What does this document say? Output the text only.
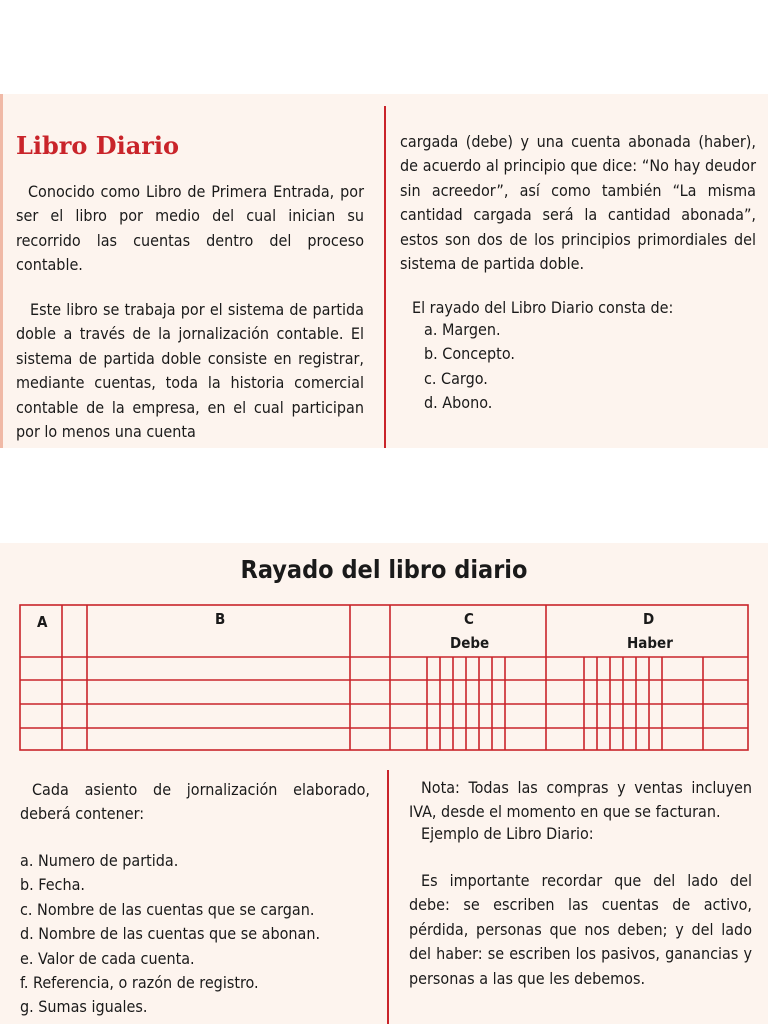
Libro Diario

Conocido como Libro de Primera Entrada, por ser el libro por medio del cual inician su recorrido las cuentas dentro del proceso contable.

Este libro se trabaja por el sistema de partida doble a través de la jornalización contable. El sistema de partida doble consiste en registrar, mediante cuentas, toda la historia comercial contable de la empresa, en el cual participan por lo menos una cuenta

cargada (debe) y una cuenta abonada (haber), de acuerdo al principio que dice: “No hay deudor sin acreedor”, así como también “La misma cantidad cargada será la cantidad abonada”, estos son dos de los principios primordiales del sistema de partida doble.

El rayado del Libro Diario consta de:

a. Margen.
b. Concepto.
c. Cargo.
d. Abono.
Rayado del libro diario
A	B	C
Debe
D
Haber

Cada asiento de jornalización elaborado, deberá contener:

a. Numero de partida.
b. Fecha.
c. Nombre de las cuentas que se cargan.
d. Nombre de las cuentas que se abonan.
e. Valor de cada cuenta.
f. Referencia, o razón de registro.
g. Sumas iguales.

Nota: Todas las compras y ventas incluyen IVA, desde el momento en que se facturan.

Ejemplo de Libro Diario:

Es importante recordar que del lado del debe: se escriben las cuentas de activo, pérdida, personas que nos deben; y del lado del haber: se escriben los pasivos, ganancias y personas a las que les debemos.
